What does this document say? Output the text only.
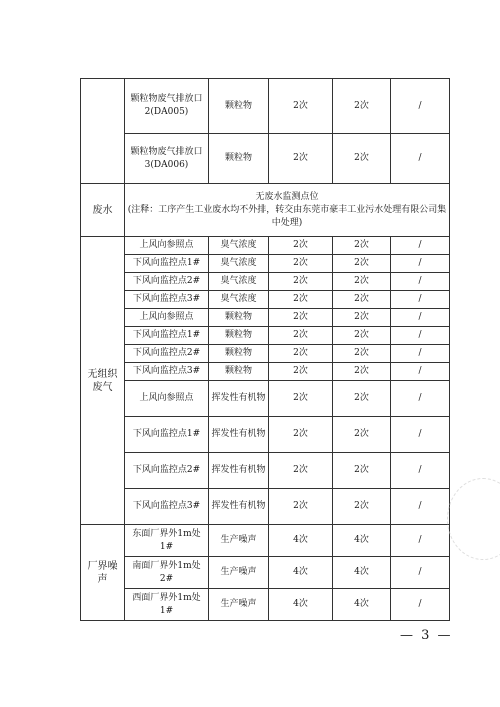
	颗粒物废气排放口2(DA005)	颗粒物	2次	2次	/
	颗粒物废气排放口3(DA006)	颗粒物	2次	2次	/
废水	无废水监测点位
(注释：工序产生工业废水均不外排，转交由东莞市豪丰工业污水处理有限公司集中处理)				

无组织废气	上风向参照点	臭气浓度	2次	2次	/
	下风向监控点1#	臭气浓度	2次	2次	/
	下风向监控点2#	臭气浓度	2次	2次	/
	下风向监控点3#	臭气浓度	2次	2次	/
	上风向参照点	颗粒物	2次	2次	/
	下风向监控点1#	颗粒物	2次	2次	/
	下风向监控点2#	颗粒物	2次	2次	/
	下风向监控点3#	颗粒物	2次	2次	/
	上风向参照点	挥发性有机物	2次	2次	/
	下风向监控点1#	挥发性有机物	2次	2次	/
	下风向监控点2#	挥发性有机物	2次	2次	/
	下风向监控点3#	挥发性有机物	2次	2次	/
厂界噪声	东面厂界外1m处1#	生产噪声	4次	4次	/
	南面厂界外1m处2#	生产噪声	4次	4次	/
	西面厂界外1m处1#	生产噪声	4次	4次	/
— 3 —
